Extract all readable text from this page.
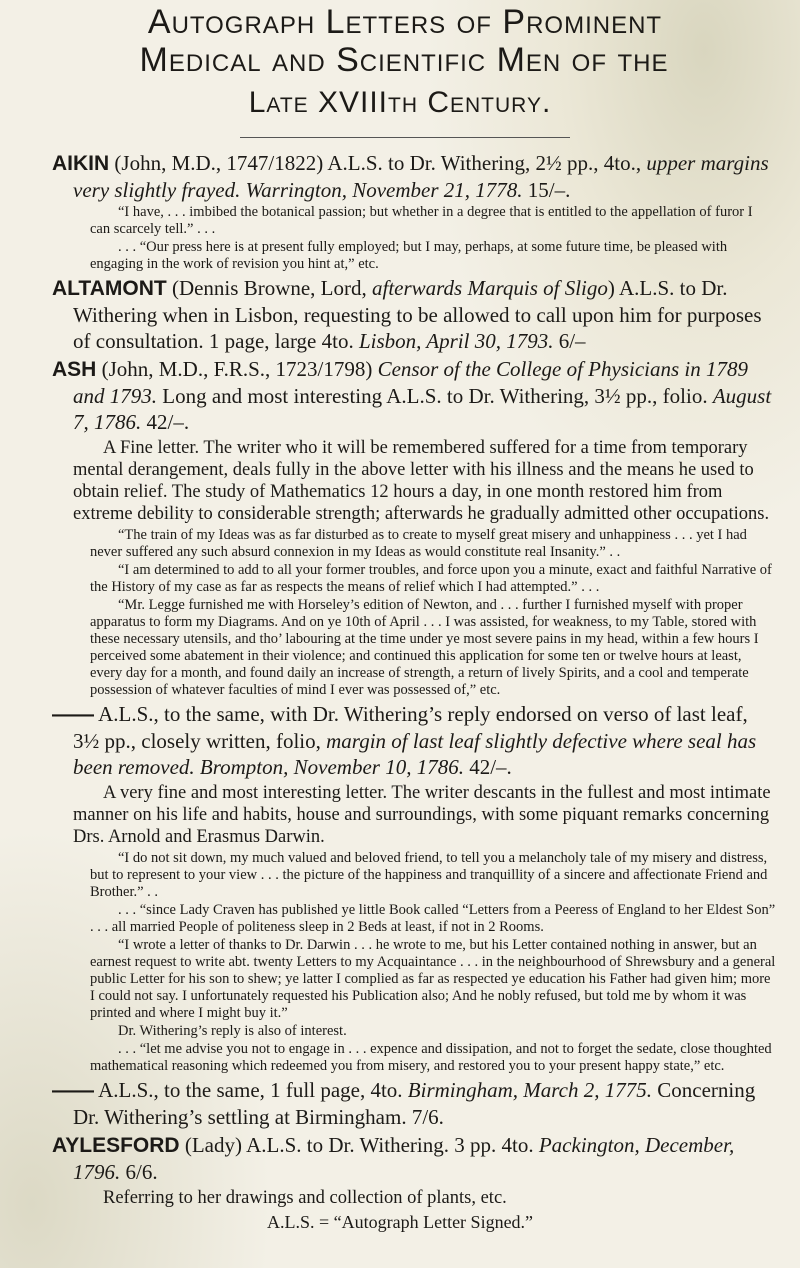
Autograph Letters of Prominent
Medical and Scientific Men of the
Late XVIIIth Century.
AIKIN (John, M.D., 1747/1822) A.L.S. to Dr. Withering, 2½ pp., 4to., upper margins very slightly frayed. Warrington, November 21, 1778. 15/–.
“I have, . . . imbibed the botanical passion; but whether in a degree that is entitled to the appellation of furor I can scarcely tell.” . . .
. . . “Our press here is at present fully employed; but I may, perhaps, at some future time, be pleased with engaging in the work of revision you hint at,” etc.
ALTAMONT (Dennis Browne, Lord, afterwards Marquis of Sligo) A.L.S. to Dr. Withering when in Lisbon, requesting to be allowed to call upon him for purposes of consultation. 1 page, large 4to. Lisbon, April 30, 1793. 6/–
ASH (John, M.D., F.R.S., 1723/1798) Censor of the College of Physicians in 1789 and 1793. Long and most interesting A.L.S. to Dr. Withering, 3½ pp., folio. August 7, 1786. 42/–.
A Fine letter. The writer who it will be remembered suffered for a time from temporary mental derangement, deals fully in the above letter with his illness and the means he used to obtain relief. The study of Mathematics 12 hours a day, in one month restored him from extreme debility to considerable strength; afterwards he gradually admitted other occupations.
“The train of my Ideas was as far disturbed as to create to myself great misery and unhappiness . . . yet I had never suffered any such absurd connexion in my Ideas as would constitute real Insanity.” . .
“I am determined to add to all your former troubles, and force upon you a minute, exact and faithful Narrative of the History of my case as far as respects the means of relief which I had attempted.” . . .
“Mr. Legge furnished me with Horseley’s edition of Newton, and . . . further I furnished myself with proper apparatus to form my Diagrams. And on ye 10th of April . . . I was assisted, for weakness, to my Table, stored with these necessary utensils, and tho’ labouring at the time under ye most severe pains in my head, within a few hours I perceived some abatement in their violence; and continued this application for some ten or twelve hours at least, every day for a month, and found daily an increase of strength, a return of lively Spirits, and a cool and temperate possession of whatever faculties of mind I ever was possessed of,” etc.
—— A.L.S., to the same, with Dr. Withering’s reply endorsed on verso of last leaf, 3½ pp., closely written, folio, margin of last leaf slightly defective where seal has been removed. Brompton, November 10, 1786. 42/–.
A very fine and most interesting letter. The writer descants in the fullest and most intimate manner on his life and habits, house and surroundings, with some piquant remarks concerning Drs. Arnold and Erasmus Darwin.
“I do not sit down, my much valued and beloved friend, to tell you a melancholy tale of my misery and distress, but to represent to your view . . . the picture of the happiness and tranquillity of a sincere and affectionate Friend and Brother.” . .
. . . “since Lady Craven has published ye little Book called “Letters from a Peeress of England to her Eldest Son” . . . all married People of politeness sleep in 2 Beds at least, if not in 2 Rooms.
“I wrote a letter of thanks to Dr. Darwin . . . he wrote to me, but his Letter contained nothing in answer, but an earnest request to write abt. twenty Letters to my Acquaintance . . . in the neighbourhood of Shrewsbury and a general public Letter for his son to shew; ye latter I complied as far as respected ye education his Father had given him; more I could not say. I unfortunately requested his Publication also; And he nobly refused, but told me by whom it was printed and where I might buy it.”
Dr. Withering’s reply is also of interest.
. . . “let me advise you not to engage in . . . expence and dissipation, and not to forget the sedate, close thoughted mathematical reasoning which redeemed you from misery, and restored you to your present happy state,” etc.
—— A.L.S., to the same, 1 full page, 4to. Birmingham, March 2, 1775. Concerning Dr. Withering’s settling at Birmingham. 7/6.
AYLESFORD (Lady) A.L.S. to Dr. Withering. 3 pp. 4to. Packington, December, 1796. 6/6.
Referring to her drawings and collection of plants, etc.
A.L.S. = “Autograph Letter Signed.”
